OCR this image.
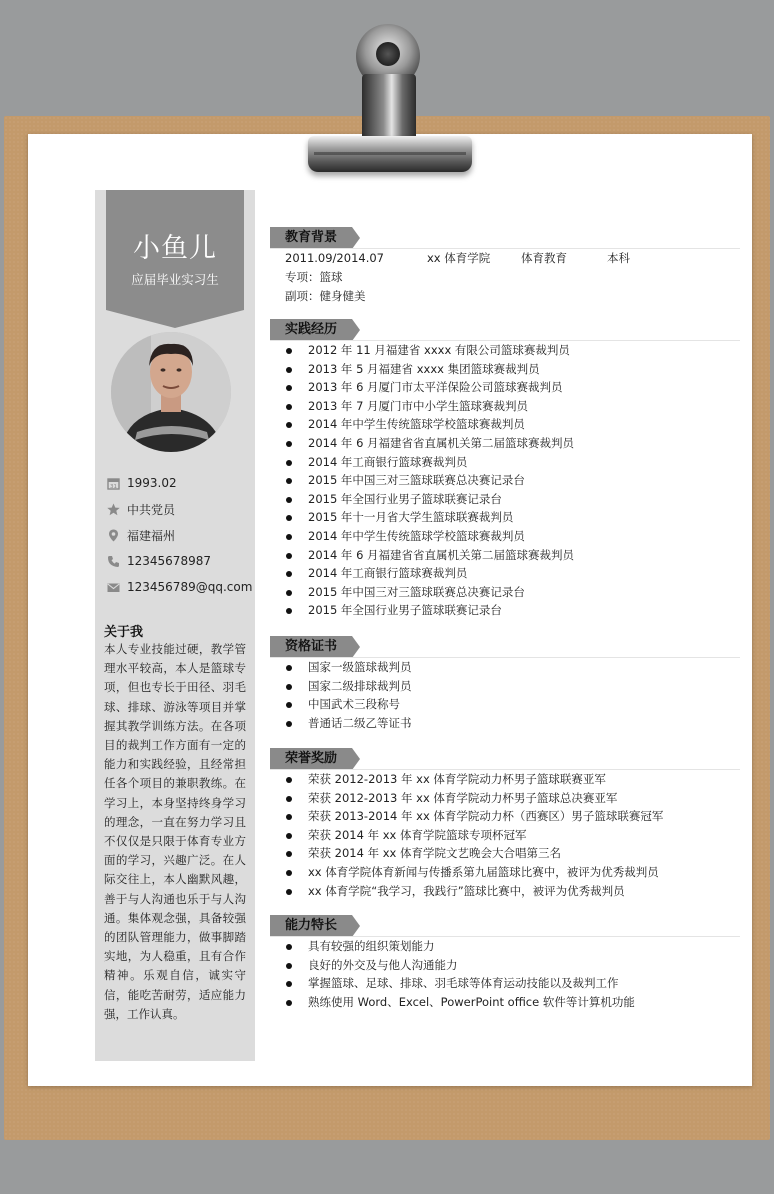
小鱼儿
应届毕业实习生
31 1993.02
中共党员
福建福州
12345678987
123456789@qq.com
关于我
本人专业技能过硬，教学管理水平较高，本人是篮球专项，但也专长于田径、羽毛球、排球、游泳等项目并掌握其教学训练方法。在各项目的裁判工作方面有一定的能力和实践经验，且经常担任各个项目的兼职教练。在学习上，本身坚持终身学习的理念，一直在努力学习且不仅仅是只限于体育专业方面的学习，兴趣广泛。在人际交往上，本人幽默风趣，善于与人沟通也乐于与人沟通。集体观念强，具备较强的团队管理能力，做事脚踏实地，为人稳重，且有合作精神。乐观自信，诚实守信，能吃苦耐劳，适应能力强，工作认真。
教育背景
2011.09/2014.07	xx 体育学院	体育教育	本科
专项：篮球
副项：健身健美
实践经历
2012 年 11 月福建省 xxxx 有限公司篮球赛裁判员
2013 年 5 月福建省 xxxx 集团篮球赛裁判员
2013 年 6 月厦门市太平洋保险公司篮球赛裁判员
2013 年 7 月厦门市中小学生篮球赛裁判员
2014 年中学生传统篮球学校篮球赛裁判员
2014 年 6 月福建省省直属机关第二届篮球赛裁判员
2014 年工商银行篮球赛裁判员
2015 年中国三对三篮球联赛总决赛记录台
2015 年全国行业男子篮球联赛记录台
2015 年十一月省大学生篮球联赛裁判员
2014 年中学生传统篮球学校篮球赛裁判员
2014 年 6 月福建省省直属机关第二届篮球赛裁判员
2014 年工商银行篮球赛裁判员
2015 年中国三对三篮球联赛总决赛记录台
2015 年全国行业男子篮球联赛记录台
资格证书
国家一级篮球裁判员
国家二级排球裁判员
中国武术三段称号
普通话二级乙等证书
荣誉奖励
荣获 2012-2013 年 xx 体育学院动力杯男子篮球联赛亚军
荣获 2012-2013 年 xx 体育学院动力杯男子篮球总决赛亚军
荣获 2013-2014 年 xx 体育学院动力杯（西赛区）男子篮球联赛冠军
荣获 2014 年 xx 体育学院篮球专项杯冠军
荣获 2014 年 xx 体育学院文艺晚会大合唱第三名
xx 体育学院体育新闻与传播系第九届篮球比赛中，被评为优秀裁判员
xx 体育学院“我学习，我践行”篮球比赛中，被评为优秀裁判员
能力特长
具有较强的组织策划能力
良好的外交及与他人沟通能力
掌握篮球、足球、排球、羽毛球等体育运动技能以及裁判工作
熟练使用 Word、Excel、PowerPoint office 软件等计算机功能
